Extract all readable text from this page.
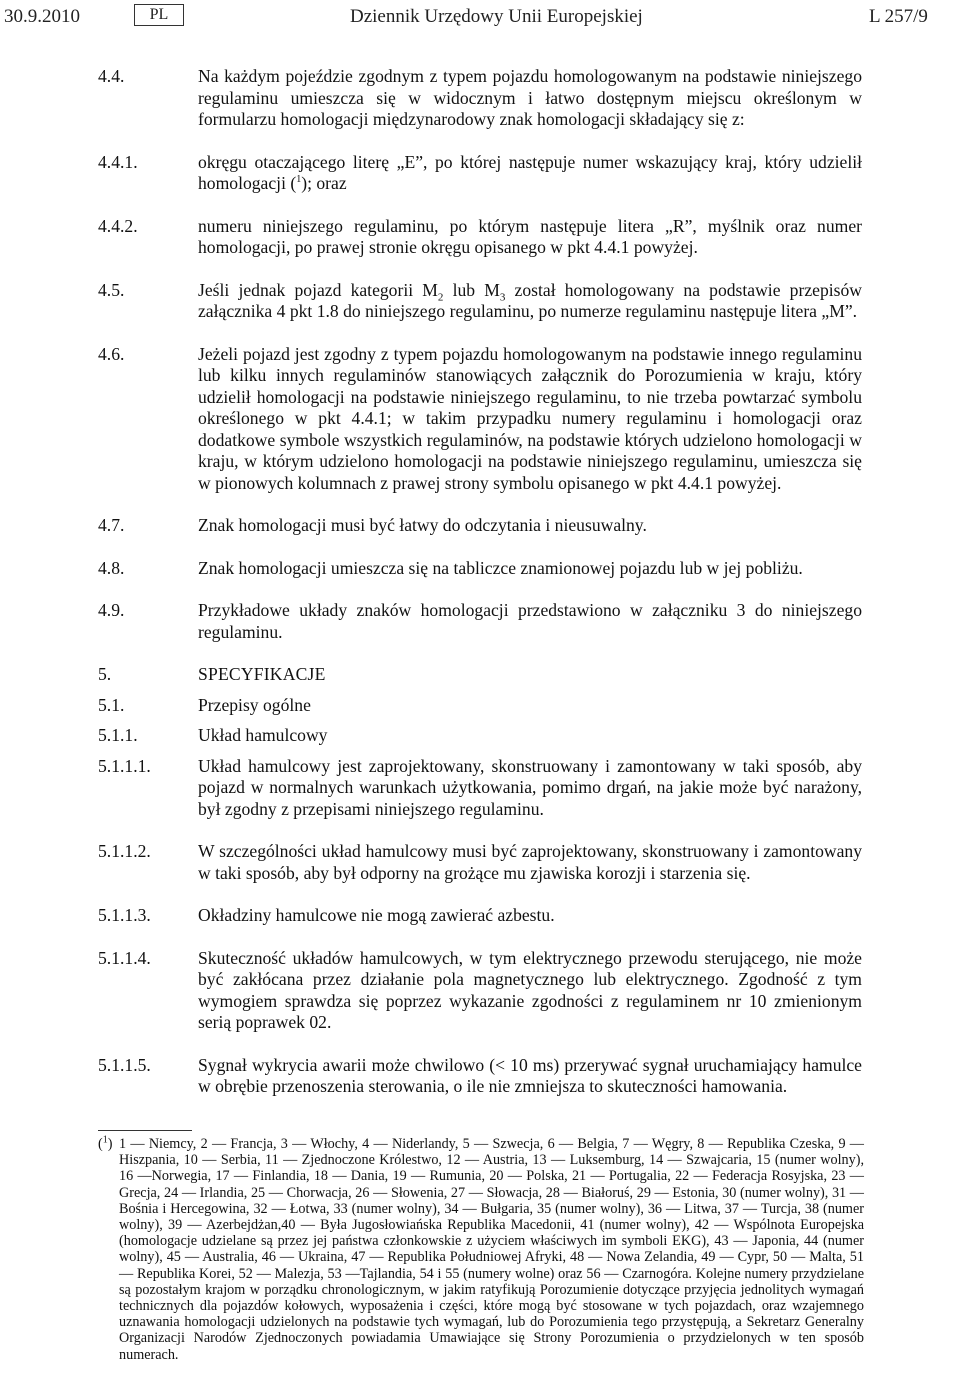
30.9.2010	PL	Dziennik Urzędowy Unii Europejskiej	L 257/9
4.4.	Na każdym pojeździe zgodnym z typem pojazdu homologowanym na podstawie niniejszego regulaminu umieszcza się w widocznym i łatwo dostępnym miejscu określonym w formularzu homologacji międzynarodowy znak homologacji składający się z:
4.4.1.	okręgu otaczającego literę „E”, po której następuje numer wskazujący kraj, który udzielił homologacji ($^1$); oraz
4.4.2.	numeru niniejszego regulaminu, po którym następuje litera „R”, myślnik oraz numer homologacji, po prawej stronie okręgu opisanego w pkt 4.4.1 powyżej.
4.5.	Jeśli jednak pojazd kategorii $M_2$ lub $M_3$ został homologowany na podstawie przepisów załącznika 4 pkt 1.8 do niniejszego regulaminu, po numerze regulaminu następuje litera „M”.
4.6.	Jeżeli pojazd jest zgodny z typem pojazdu homologowanym na podstawie innego regulaminu lub kilku innych regulaminów stanowiących załącznik do Porozumienia w kraju, który udzielił homologacji na podstawie niniejszego regulaminu, to nie trzeba powtarzać symbolu określonego w pkt 4.4.1; w takim przypadku numery regulaminu i homologacji oraz dodatkowe symbole wszystkich regulaminów, na podstawie których udzielono homologacji w kraju, w którym udzielono homologacji na podstawie niniejszego regulaminu, umieszcza się w pionowych kolumnach z prawej strony symbolu opisanego w pkt 4.4.1 powyżej.
4.7.	Znak homologacji musi być łatwy do odczytania i nieusuwalny.
4.8.	Znak homologacji umieszcza się na tabliczce znamionowej pojazdu lub w jej pobliżu.
4.9.	Przykładowe układy znaków homologacji przedstawiono w załączniku 3 do niniejszego regulaminu.
5.	SPECYFIKACJE
5.1.	Przepisy ogólne
5.1.1.	Układ hamulcowy
5.1.1.1.	Układ hamulcowy jest zaprojektowany, skonstruowany i zamontowany w taki sposób, aby pojazd w normalnych warunkach użytkowania, pomimo drgań, na jakie może być narażony, był zgodny z przepisami niniejszego regulaminu.
5.1.1.2.	W szczególności układ hamulcowy musi być zaprojektowany, skonstruowany i zamontowany w taki sposób, aby był odporny na grożące mu zjawiska korozji i starzenia się.
5.1.1.3.	Okładziny hamulcowe nie mogą zawierać azbestu.
5.1.1.4.	Skuteczność układów hamulcowych, w tym elektrycznego przewodu sterującego, nie może być zakłócana przez działanie pola magnetycznego lub elektrycznego. Zgodność z tym wymogiem sprawdza się poprzez wykazanie zgodności z regulaminem nr 10 zmienionym serią poprawek 02.
5.1.1.5.	Sygnał wykrycia awarii może chwilowo (< 10 ms) przerywać sygnał uruchamiający hamulce w obrębie przenoszenia sterowania, o ile nie zmniejsza to skuteczności hamowania.
($^1$) 1 — Niemcy, 2 — Francja, 3 — Włochy, 4 — Niderlandy, 5 — Szwecja, 6 — Belgia, 7 — Węgry, 8 — Republika Czeska, 9 — Hiszpania, 10 — Serbia, 11 — Zjednoczone Królestwo, 12 — Austria, 13 — Luksemburg, 14 — Szwajcaria, 15 (numer wolny), 16 —Norwegia, 17 — Finlandia, 18 — Dania, 19 — Rumunia, 20 — Polska, 21 — Portugalia, 22 — Federacja Rosyjska, 23 — Grecja, 24 — Irlandia, 25 — Chorwacja, 26 — Słowenia, 27 — Słowacja, 28 — Białoruś, 29 — Estonia, 30 (numer wolny), 31 — Bośnia i Hercegowina, 32 — Łotwa, 33 (numer wolny), 34 — Bułgaria, 35 (numer wolny), 36 — Litwa, 37 — Turcja, 38 (numer wolny), 39 — Azerbejdżan,40 — Była Jugosłowiańska Republika Macedonii, 41 (numer wolny), 42 — Wspólnota Europejska (homologacje udzielane są przez jej państwa członkowskie z użyciem właściwych im symboli EKG), 43 — Japonia, 44 (numer wolny), 45 — Australia, 46 — Ukraina, 47 — Republika Południowej Afryki, 48 — Nowa Zelandia, 49 — Cypr, 50 — Malta, 51 — Republika Korei, 52 — Malezja, 53 —Tajlandia, 54 i 55 (numery wolne) oraz 56 — Czarnogóra. Kolejne numery przydzielane są pozostałym krajom w porządku chronologicznym, w jakim ratyfikują Porozumienie dotyczące przyjęcia jednolitych wymagań technicznych dla pojazdów kołowych, wyposażenia i części, które mogą być stosowane w tych pojazdach, oraz wzajemnego uznawania homologacji udzielonych na podstawie tych wymagań, lub do Porozumienia tego przystępują, a Sekretarz Generalny Organizacji Narodów Zjednoczonych powiadamia Umawiające się Strony Porozumienia o przydzielonych w ten sposób numerach.
